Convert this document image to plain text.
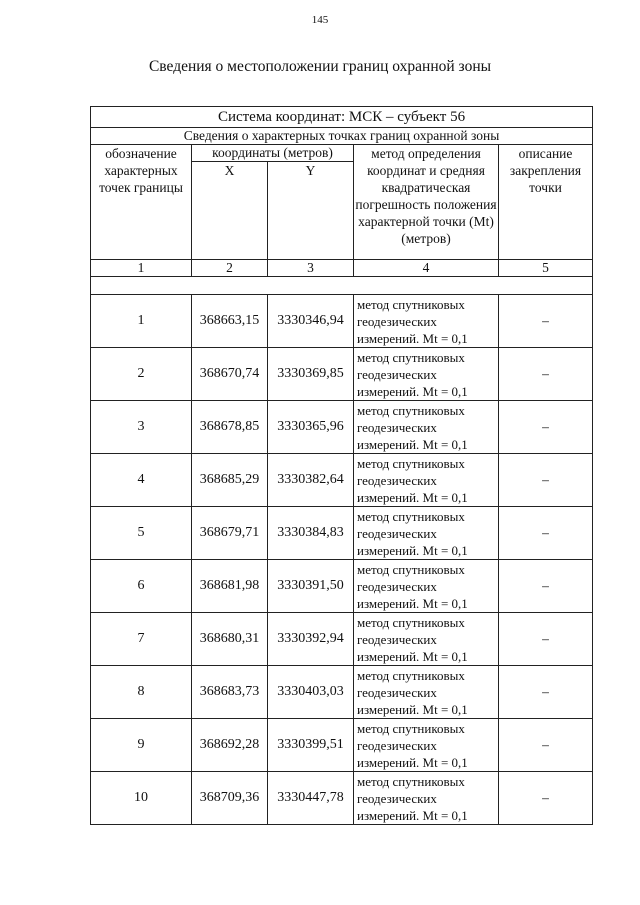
145
Сведения о местоположении границ охранной зоны
Система координат: МСК – субъект 56				
Сведения о характерных точках границ охранной зоны				
обозначение характерных точек границы	координаты (метров)		метод определения координат и средняя квадратическая погрешность положения характерной точки (Mt) (метров)	описание закрепления точки
	X	Y		
1	2	3	4	5

1	368663,15	3330346,94	метод спутниковых геодезических измерений. Mt = 0,1	–
2	368670,74	3330369,85	метод спутниковых геодезических измерений. Mt = 0,1	–
3	368678,85	3330365,96	метод спутниковых геодезических измерений. Mt = 0,1	–
4	368685,29	3330382,64	метод спутниковых геодезических измерений. Mt = 0,1	–
5	368679,71	3330384,83	метод спутниковых геодезических измерений. Mt = 0,1	–
6	368681,98	3330391,50	метод спутниковых геодезических измерений. Mt = 0,1	–
7	368680,31	3330392,94	метод спутниковых геодезических измерений. Mt = 0,1	–
8	368683,73	3330403,03	метод спутниковых геодезических измерений. Mt = 0,1	–
9	368692,28	3330399,51	метод спутниковых геодезических измерений. Mt = 0,1	–
10	368709,36	3330447,78	метод спутниковых геодезических измерений. Mt = 0,1	–
